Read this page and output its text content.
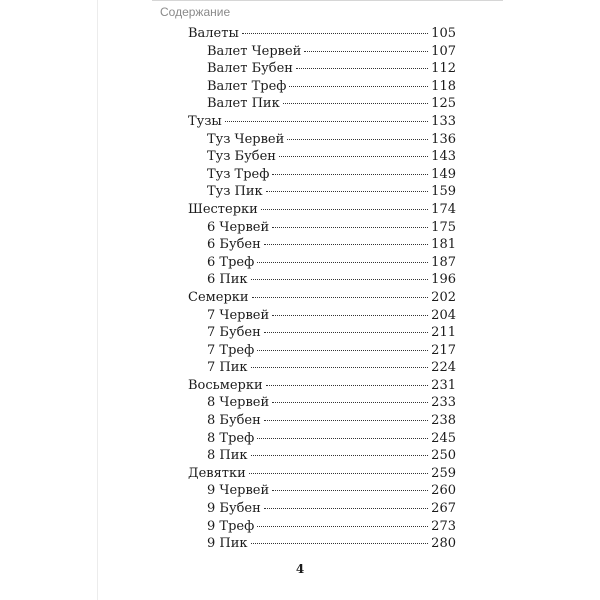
Содержание
Валеты	105
Валет Червей	107
Валет Бубен	112
Валет Треф	118
Валет Пик	125
Тузы	133
Туз Червей	136
Туз Бубен	143
Туз Треф	149
Туз Пик	159
Шестерки	174
6 Червей	175
6 Бубен	181
6 Треф	187
6 Пик	196
Семерки	202
7 Червей	204
7 Бубен	211
7 Треф	217
7 Пик	224
Восьмерки	231
8 Червей	233
8 Бубен	238
8 Треф	245
8 Пик	250
Девятки	259
9 Червей	260
9 Бубен	267
9 Треф	273
9 Пик	280
4
